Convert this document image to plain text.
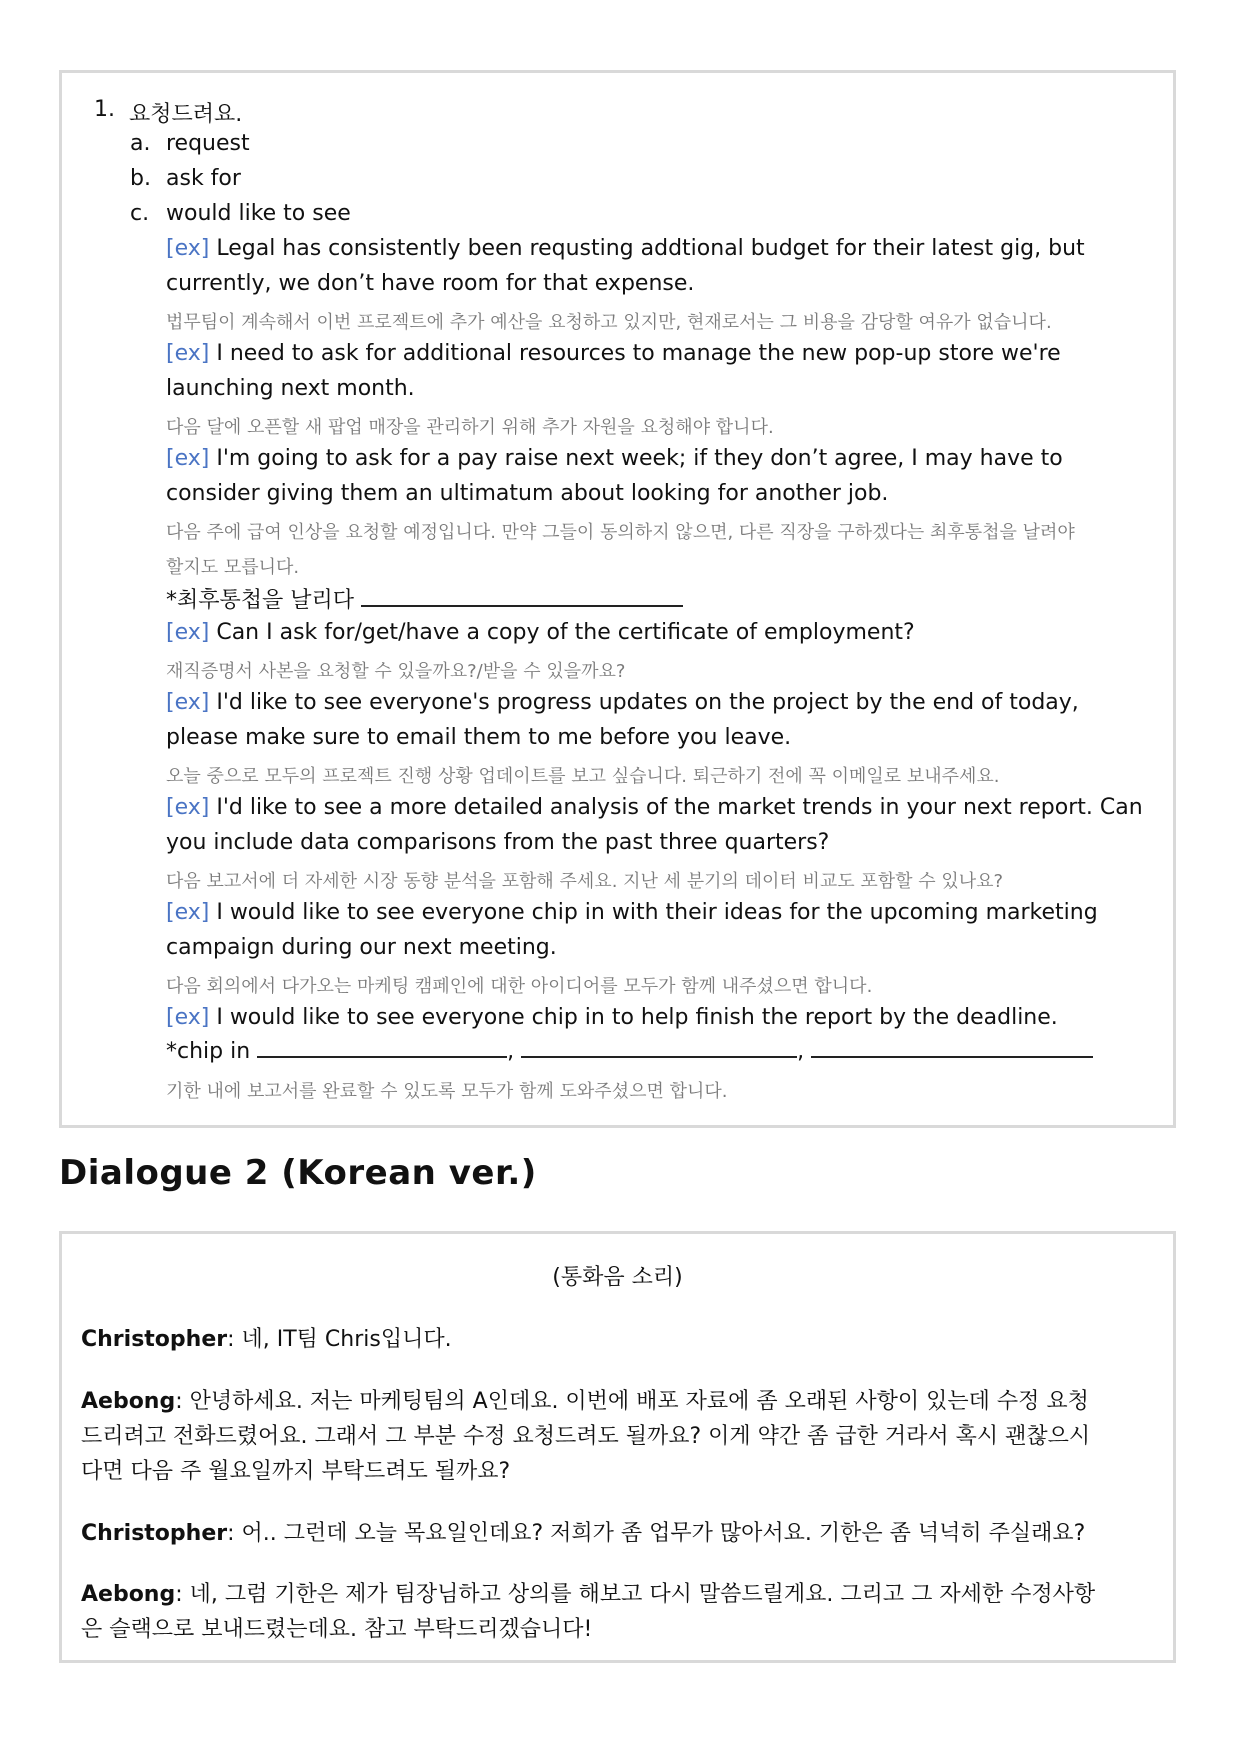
1. 요청드려요.
a. request
b. ask for
c. would like to see
[ex] Legal has consistently been requsting addtional budget for their latest gig, but
currently, we don’t have room for that expense.
법무팀이 계속해서 이번 프로젝트에 추가 예산을 요청하고 있지만, 현재로서는 그 비용을 감당할 여유가 없습니다.
[ex] I need to ask for additional resources to manage the new pop-up store we're
launching next month.
다음 달에 오픈할 새 팝업 매장을 관리하기 위해 추가 자원을 요청해야 합니다.
[ex] I'm going to ask for a pay raise next week; if they don’t agree, I may have to
consider giving them an ultimatum about looking for another job.
다음 주에 급여 인상을 요청할 예정입니다. 만약 그들이 동의하지 않으면, 다른 직장을 구하겠다는 최후통첩을 날려야
할지도 모릅니다.
*최후통첩을 날리다
[ex] Can I ask for/get/have a copy of the certificate of employment?
재직증명서 사본을 요청할 수 있을까요?/받을 수 있을까요?
[ex] I'd like to see everyone's progress updates on the project by the end of today,
please make sure to email them to me before you leave.
오늘 중으로 모두의 프로젝트 진행 상황 업데이트를 보고 싶습니다. 퇴근하기 전에 꼭 이메일로 보내주세요.
[ex] I'd like to see a more detailed analysis of the market trends in your next report. Can
you include data comparisons from the past three quarters?
다음 보고서에 더 자세한 시장 동향 분석을 포함해 주세요. 지난 세 분기의 데이터 비교도 포함할 수 있나요?
[ex] I would like to see everyone chip in with their ideas for the upcoming marketing
campaign during our next meeting.
다음 회의에서 다가오는 마케팅 캠페인에 대한 아이디어를 모두가 함께 내주셨으면 합니다.
[ex] I would like to see everyone chip in to help finish the report by the deadline.
*chip in	,	,
기한 내에 보고서를 완료할 수 있도록 모두가 함께 도와주셨으면 합니다.
Dialogue 2 (Korean ver.)
(통화음 소리)
Christopher: 네, IT팀 Chris입니다.
Aebong: 안녕하세요. 저는 마케팅팀의 A인데요. 이번에 배포 자료에 좀 오래된 사항이 있는데 수정 요청
드리려고 전화드렸어요. 그래서 그 부분 수정 요청드려도 될까요? 이게 약간 좀 급한 거라서 혹시 괜찮으시
다면 다음 주 월요일까지 부탁드려도 될까요?
Christopher: 어.. 그런데 오늘 목요일인데요? 저희가 좀 업무가 많아서요. 기한은 좀 넉넉히 주실래요?
Aebong: 네, 그럼 기한은 제가 팀장님하고 상의를 해보고 다시 말씀드릴게요. 그리고 그 자세한 수정사항
은 슬랙으로 보내드렸는데요. 참고 부탁드리겠습니다!
